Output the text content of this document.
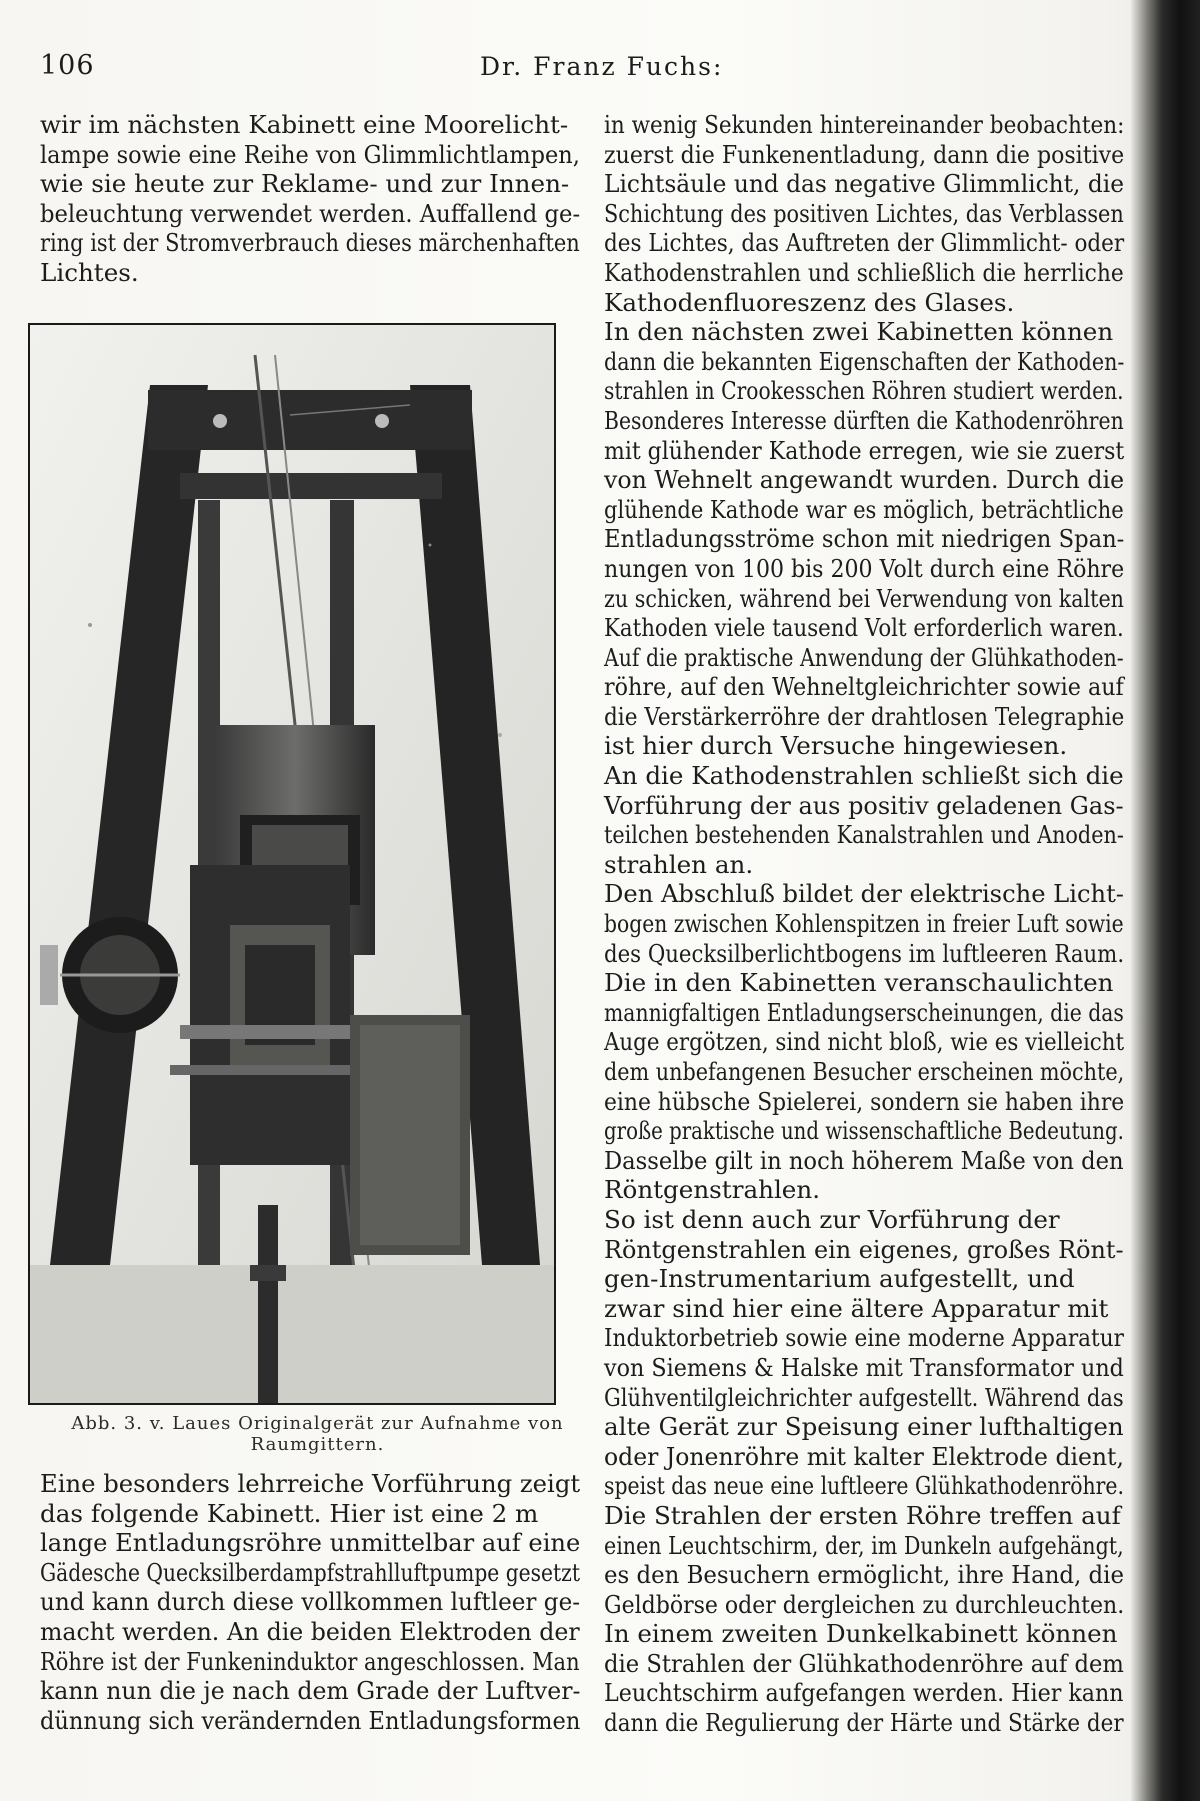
106	Dr. Franz Fuchs:
wir im nächsten Kabinett eine Moorelicht-
lampe sowie eine Reihe von Glimmlichtlampen,
wie sie heute zur Reklame- und zur Innen-
beleuchtung verwendet werden. Auffallend ge-
ring ist der Stromverbrauch dieses märchenhaften
Lichtes.
Abb. 3. v. Laues Originalgerät zur Aufnahme von Raumgittern.
Eine besonders lehrreiche Vorführung zeigt
das folgende Kabinett. Hier ist eine 2 m
lange Entladungsröhre unmittelbar auf eine
Gädesche Quecksilberdampfstrahlluftpumpe gesetzt
und kann durch diese vollkommen luftleer ge-
macht werden. An die beiden Elektroden der
Röhre ist der Funkeninduktor angeschlossen. Man
kann nun die je nach dem Grade der Luftver-
dünnung sich verändernden Entladungsformen
in wenig Sekunden hintereinander beobachten:
zuerst die Funkenentladung, dann die positive
Lichtsäule und das negative Glimmlicht, die
Schichtung des positiven Lichtes, das Verblassen
des Lichtes, das Auftreten der Glimmlicht- oder
Kathodenstrahlen und schließlich die herrliche
Kathodenfluoreszenz des Glases.
In den nächsten zwei Kabinetten können
dann die bekannten Eigenschaften der Kathoden-
strahlen in Crookesschen Röhren studiert werden.
Besonderes Interesse dürften die Kathodenröhren
mit glühender Kathode erregen, wie sie zuerst
von Wehnelt angewandt wurden. Durch die
glühende Kathode war es möglich, beträchtliche
Entladungsströme schon mit niedrigen Span-
nungen von 100 bis 200 Volt durch eine Röhre
zu schicken, während bei Verwendung von kalten
Kathoden viele tausend Volt erforderlich waren.
Auf die praktische Anwendung der Glühkathoden-
röhre, auf den Wehneltgleichrichter sowie auf
die Verstärkerröhre der drahtlosen Telegraphie
ist hier durch Versuche hingewiesen.
An die Kathodenstrahlen schließt sich die
Vorführung der aus positiv geladenen Gas-
teilchen bestehenden Kanalstrahlen und Anoden-
strahlen an.
Den Abschluß bildet der elektrische Licht-
bogen zwischen Kohlenspitzen in freier Luft sowie
des Quecksilberlichtbogens im luftleeren Raum.
Die in den Kabinetten veranschaulichten
mannigfaltigen Entladungserscheinungen, die das
Auge ergötzen, sind nicht bloß, wie es vielleicht
dem unbefangenen Besucher erscheinen möchte,
eine hübsche Spielerei, sondern sie haben ihre
große praktische und wissenschaftliche Bedeutung.
Dasselbe gilt in noch höherem Maße von den
Röntgenstrahlen.
So ist denn auch zur Vorführung der
Röntgenstrahlen ein eigenes, großes Rönt-
gen-Instrumentarium aufgestellt, und
zwar sind hier eine ältere Apparatur mit
Induktorbetrieb sowie eine moderne Apparatur
von Siemens & Halske mit Transformator und
Glühventilgleichrichter aufgestellt. Während das
alte Gerät zur Speisung einer lufthaltigen
oder Jonenröhre mit kalter Elektrode dient,
speist das neue eine luftleere Glühkathodenröhre.
Die Strahlen der ersten Röhre treffen auf
einen Leuchtschirm, der, im Dunkeln aufgehängt,
es den Besuchern ermöglicht, ihre Hand, die
Geldbörse oder dergleichen zu durchleuchten.
In einem zweiten Dunkelkabinett können
die Strahlen der Glühkathodenröhre auf dem
Leuchtschirm aufgefangen werden. Hier kann
dann die Regulierung der Härte und Stärke der
